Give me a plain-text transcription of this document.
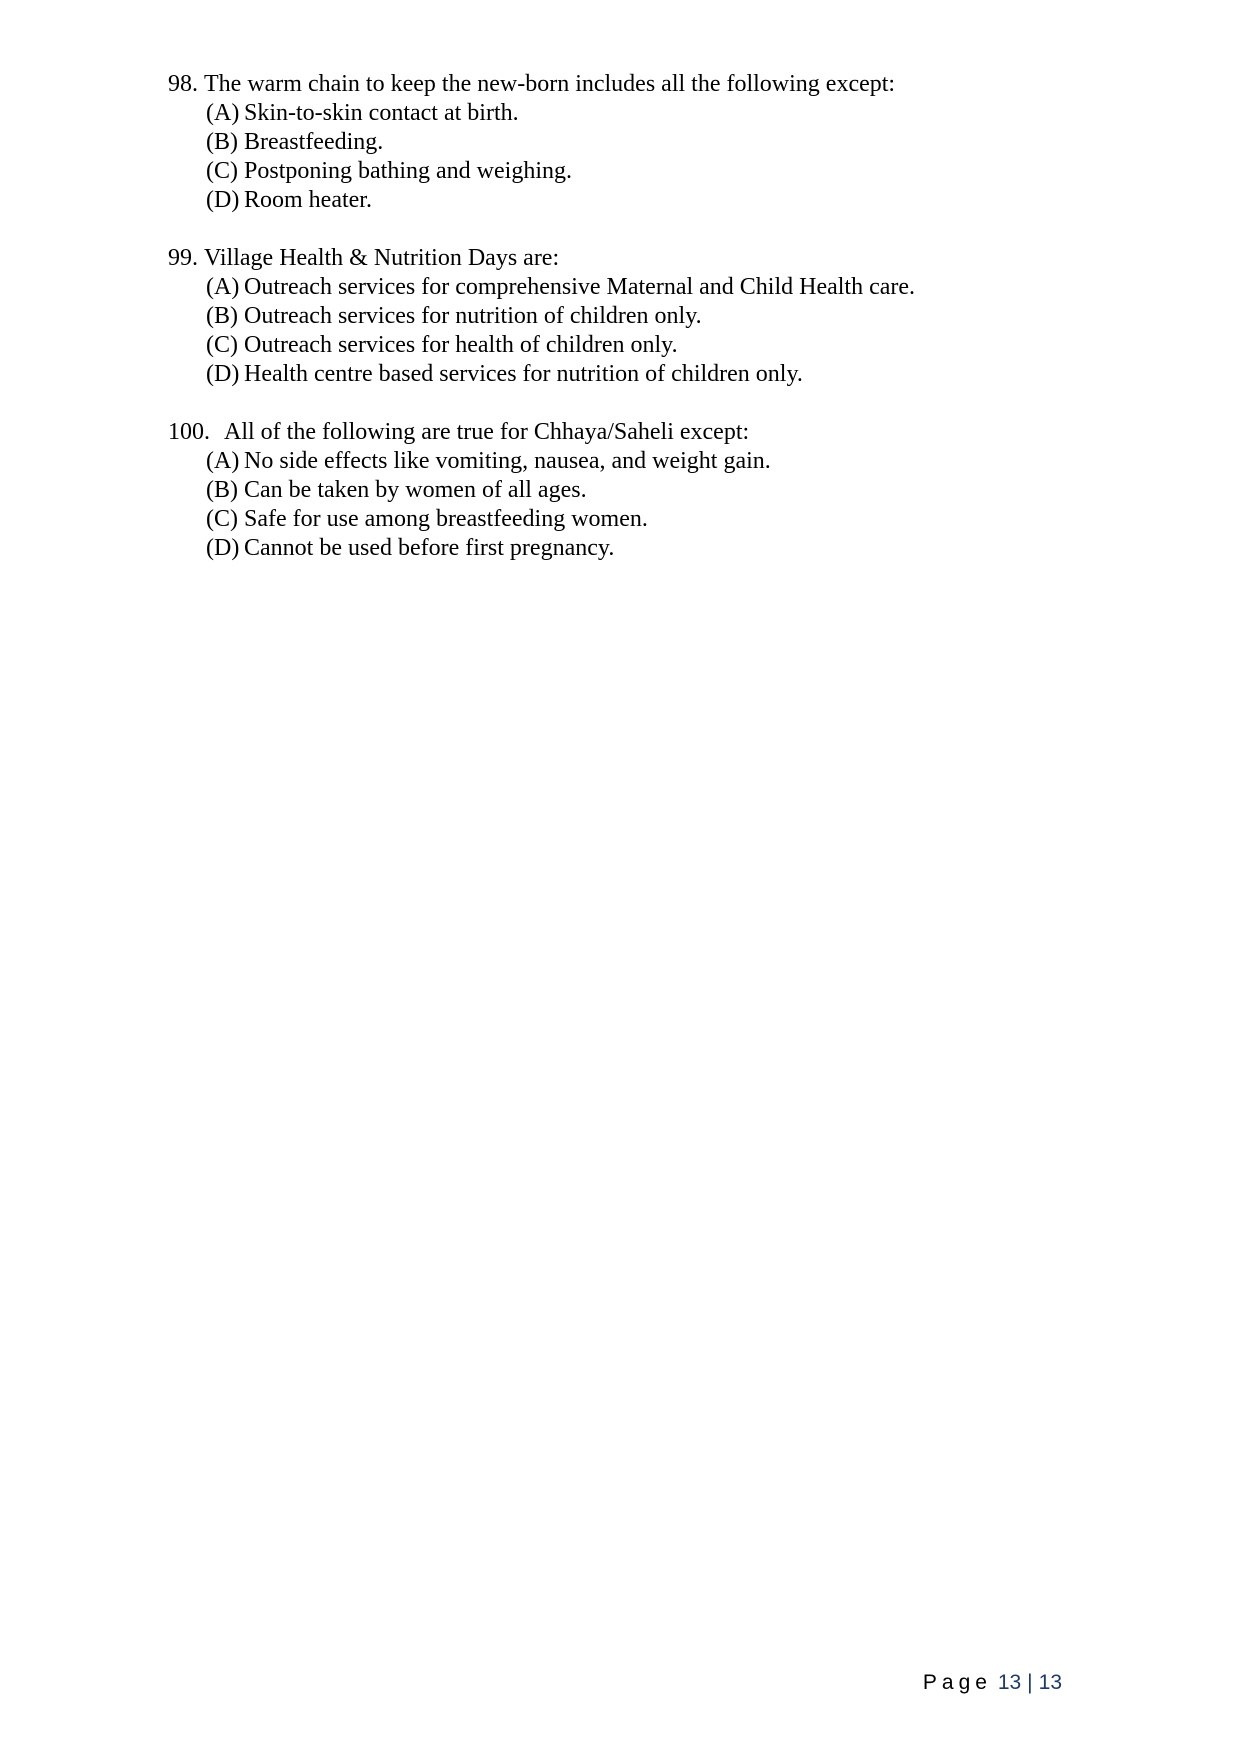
98.
The warm chain to keep the new-born includes all the following except:
(A) Skin-to-skin contact at birth.
(B) Breastfeeding.
(C) Postponing bathing and weighing.
(D) Room heater.
99.
Village Health & Nutrition Days are:
(A) Outreach services for comprehensive Maternal and Child Health care.
(B) Outreach services for nutrition of children only.
(C) Outreach services for health of children only.
(D) Health centre based services for nutrition of children only.
100.
All of the following are true for Chhaya/Saheli except:
(A) No side effects like vomiting, nausea, and weight gain.
(B) Can be taken by women of all ages.
(C) Safe for use among breastfeeding women.
(D) Cannot be used before first pregnancy.
Page 13 | 13
